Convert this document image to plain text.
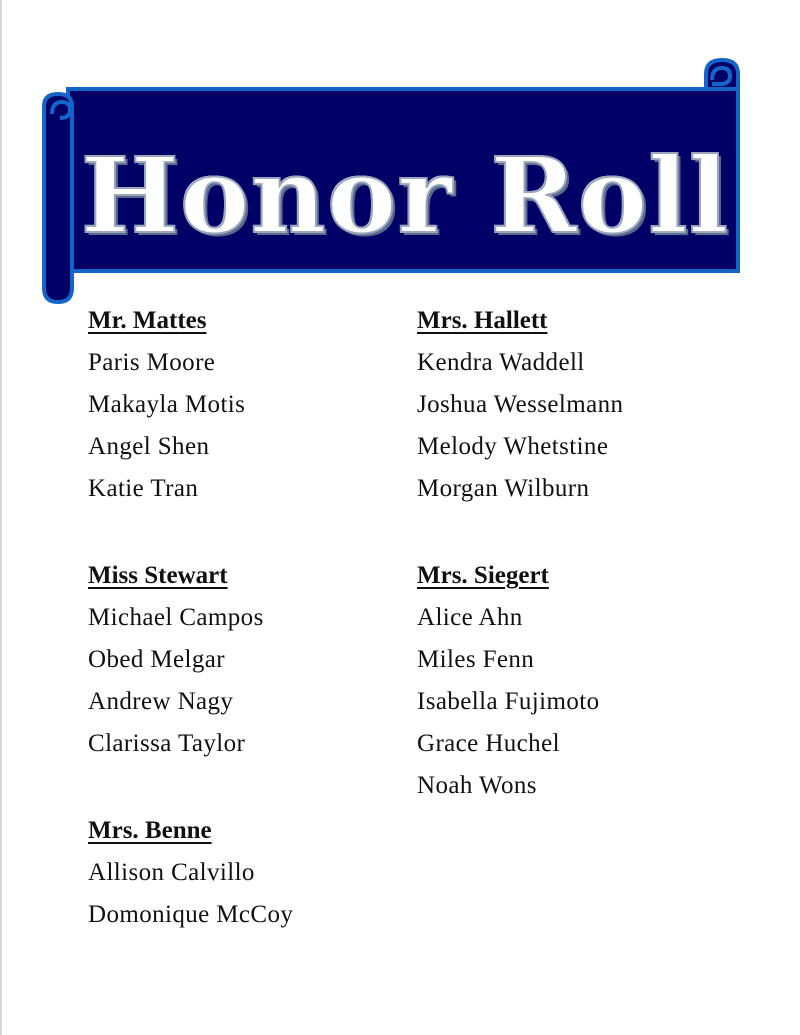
Honor Roll
Mr. Mattes
Paris Moore
Makayla Motis
Angel Shen
Katie Tran
Mrs. Hallett
Kendra Waddell
Joshua Wesselmann
Melody Whetstine
Morgan Wilburn
Miss Stewart
Michael Campos
Obed Melgar
Andrew Nagy
Clarissa Taylor
Mrs. Siegert
Alice Ahn
Miles Fenn
Isabella Fujimoto
Grace Huchel
Noah Wons
Mrs. Benne
Allison Calvillo
Domonique McCoy
